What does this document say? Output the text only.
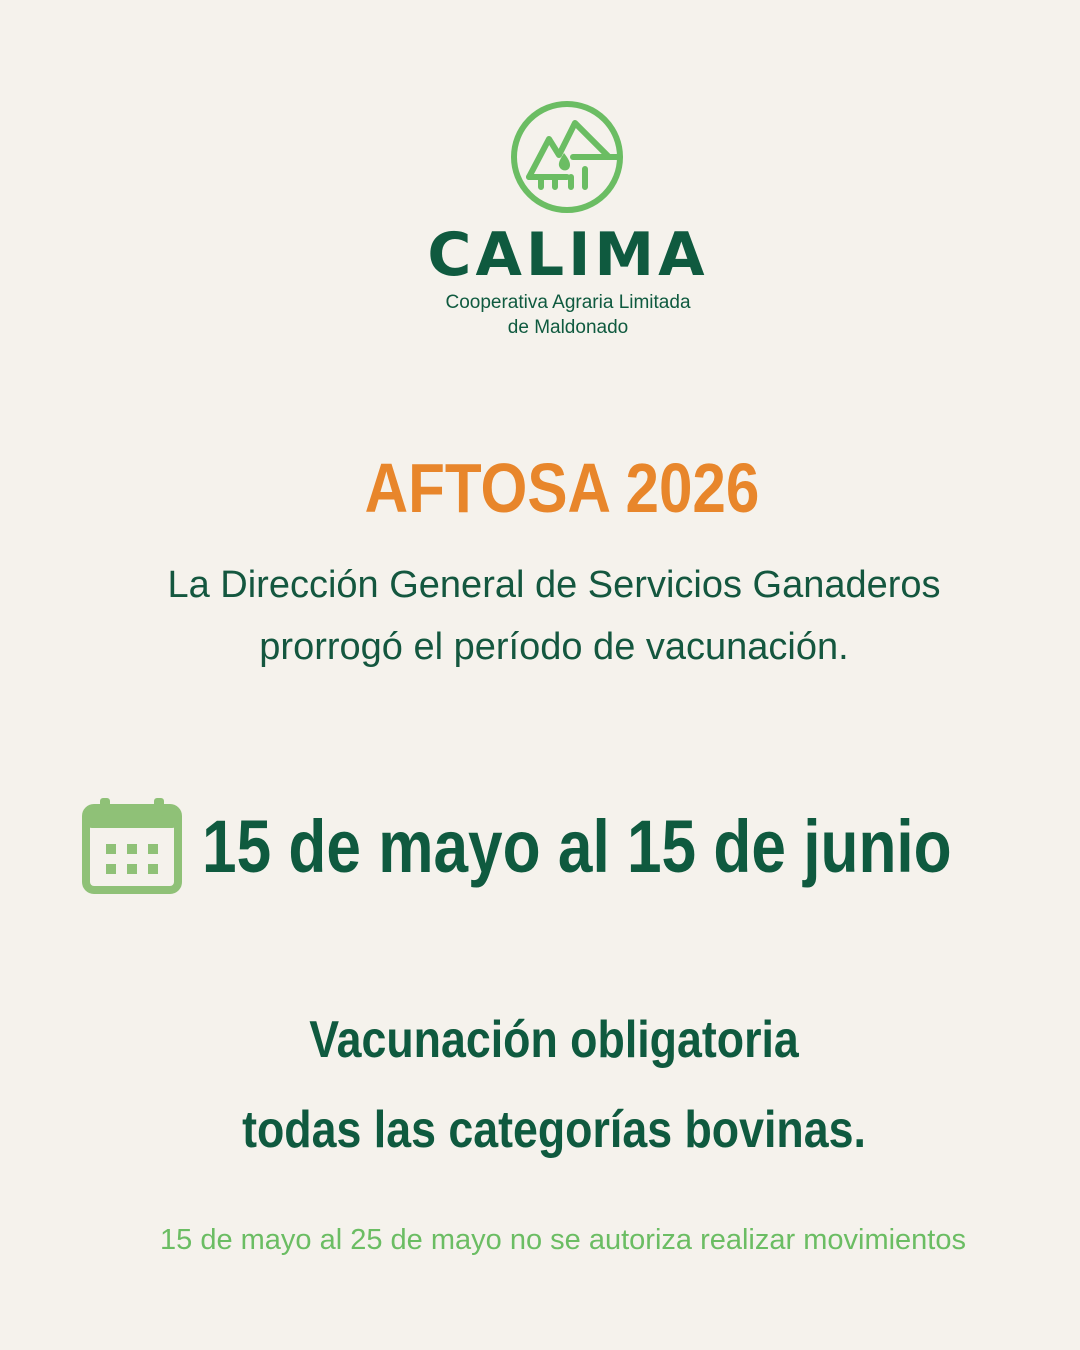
CALIMA
Cooperativa Agraria Limitada
de Maldonado
AFTOSA 2026
La Dirección General de Servicios Ganaderos
prorrogó el período de vacunación.
15 de mayo al 15 de junio
Vacunación obligatoria
todas las categorías bovinas.
15 de mayo al 25 de mayo no se autoriza realizar movimientos
